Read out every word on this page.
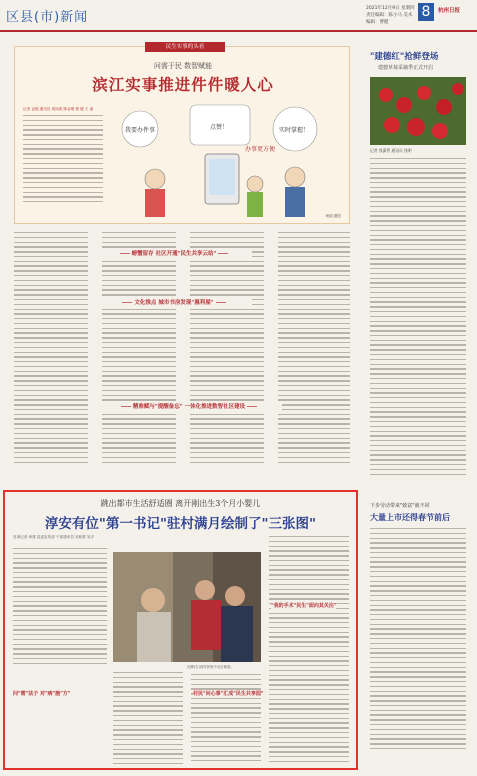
区县(市)新闻
2021年12月9日 星期四
责任编辑：陈小马 美术编辑：曹健
8	杭州日报
民生实事的头看
问需于民 数智赋能
滨江实事推进件件暖人心
记者 孟妮 通讯员 戚如建 陈金明 程 健 王 丽
我要办件事	点赞！	实时掌握！
办事更方便
杨丽 摄影
螃蟹留存 社区开通"民生共享云站"
文化推点 城市书房发现"惠利屋"
精准赋与"提醒备忘" 一体化推进数智社区建设
跳出都市生活舒适圈 离开刚出生3个月小婴儿
淳安有位"第一书记"驻村满月绘制了"三张图"
首席记者 章建 县委宣传部 干部通讯员 吴松群 吴平
问"需"法子 对"病"施"方"
沈卿(右)到村民家中走访调查。
村民"问心事"汇成"民生共享园"
"我的手术"民生"面向其关注"
"建德红"抢鲜登场
建德草莓采摘季正式开启
记者 钱潇菁 通讯员 钱明
下步劳动带来"致富"就不同
大量上市还得春节前后
